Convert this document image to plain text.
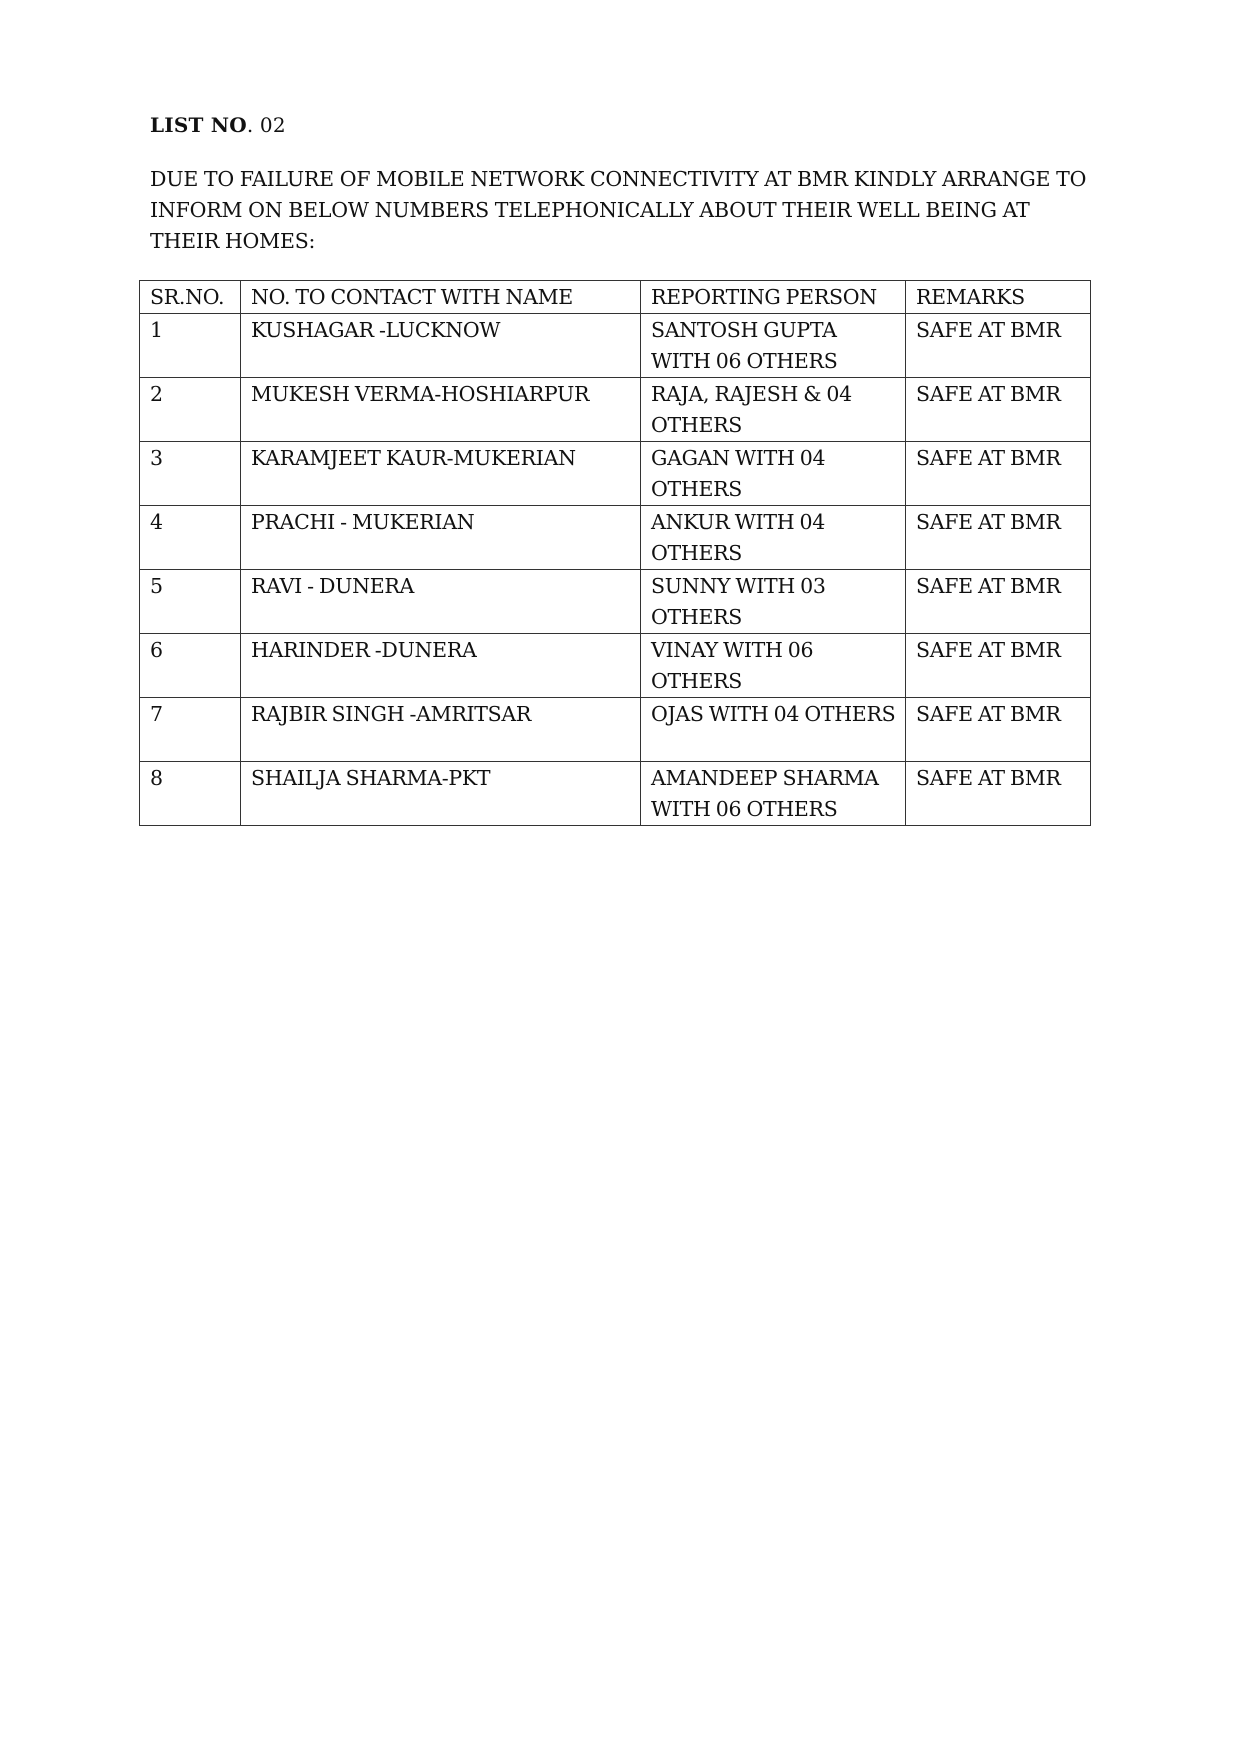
LIST NO. 02
DUE TO FAILURE OF MOBILE NETWORK CONNECTIVITY AT BMR KINDLY ARRANGE TO INFORM ON BELOW NUMBERS TELEPHONICALLY ABOUT THEIR WELL BEING AT THEIR HOMES:
SR.NO.	NO. TO CONTACT WITH NAME	REPORTING PERSON	REMARKS
1	KUSHAGAR -LUCKNOW	SANTOSH GUPTA WITH 06 OTHERS	SAFE AT BMR
2	MUKESH VERMA-HOSHIARPUR	RAJA, RAJESH & 04 OTHERS	SAFE AT BMR
3	KARAMJEET KAUR-MUKERIAN	GAGAN WITH 04 OTHERS	SAFE AT BMR
4	PRACHI - MUKERIAN	ANKUR WITH 04 OTHERS	SAFE AT BMR
5	RAVI - DUNERA	SUNNY WITH 03 OTHERS	SAFE AT BMR
6	HARINDER -DUNERA	VINAY WITH 06 OTHERS	SAFE AT BMR
7	RAJBIR SINGH -AMRITSAR	OJAS WITH 04 OTHERS	SAFE AT BMR
8	SHAILJA SHARMA-PKT	AMANDEEP SHARMA WITH 06 OTHERS	SAFE AT BMR
